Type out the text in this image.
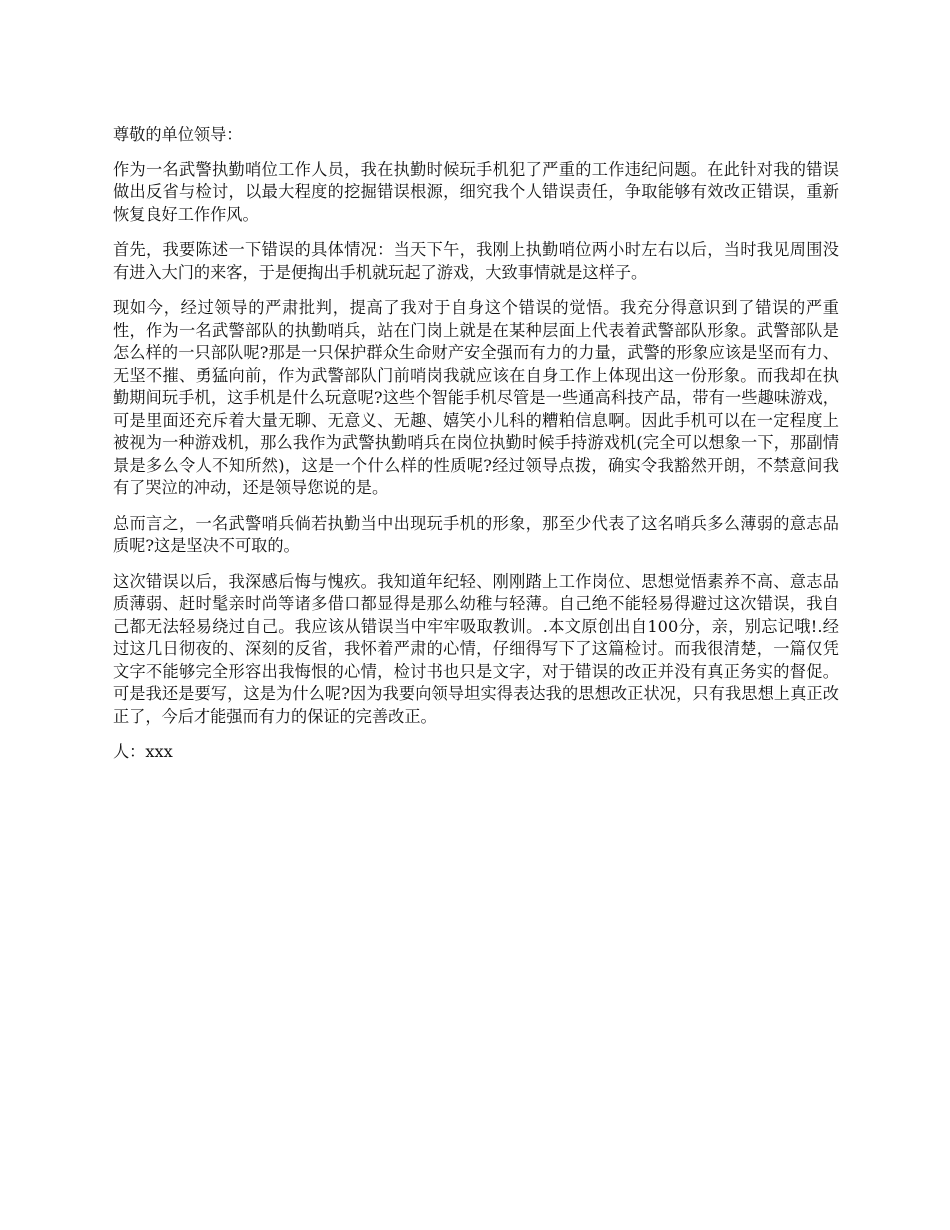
尊敬的单位领导：

作为一名武警执勤哨位工作人员，我在执勤时候玩手机犯了严重的工作违纪问题。在此针对我的错误做出反省与检讨，以最大程度的挖掘错误根源，细究我个人错误责任，争取能够有效改正错误，重新恢复良好工作作风。

首先，我要陈述一下错误的具体情况：当天下午，我刚上执勤哨位两小时左右以后，当时我见周围没有进入大门的来客，于是便掏出手机就玩起了游戏，大致事情就是这样子。

现如今，经过领导的严肃批判，提高了我对于自身这个错误的觉悟。我充分得意识到了错误的严重性，作为一名武警部队的执勤哨兵，站在门岗上就是在某种层面上代表着武警部队形象。武警部队是怎么样的一只部队呢?那是一只保护群众生命财产安全强而有力的力量，武警的形象应该是坚而有力、无坚不摧、勇猛向前，作为武警部队门前哨岗我就应该在自身工作上体现出这一份形象。而我却在执勤期间玩手机，这手机是什么玩意呢?这些个智能手机尽管是一些通高科技产品，带有一些趣味游戏，可是里面还充斥着大量无聊、无意义、无趣、嬉笑小儿科的糟粕信息啊。因此手机可以在一定程度上被视为一种游戏机，那么我作为武警执勤哨兵在岗位执勤时候手持游戏机(完全可以想象一下，那副情景是多么令人不知所然)，这是一个什么样的性质呢?经过领导点拨，确实令我豁然开朗，不禁意间我有了哭泣的冲动，还是领导您说的是。

总而言之，一名武警哨兵倘若执勤当中出现玩手机的形象，那至少代表了这名哨兵多么薄弱的意志品质呢?这是坚决不可取的。

这次错误以后，我深感后悔与愧疚。我知道年纪轻、刚刚踏上工作岗位、思想觉悟素养不高、意志品质薄弱、赶时髦亲时尚等诸多借口都显得是那么幼稚与轻薄。自己绝不能轻易得避过这次错误，我自己都无法轻易绕过自己。我应该从错误当中牢牢吸取教训。.本文原创出自100分，亲，别忘记哦!.经过这几日彻夜的、深刻的反省，我怀着严肃的心情，仔细得写下了这篇检讨。而我很清楚，一篇仅凭文字不能够完全形容出我悔恨的心情，检讨书也只是文字，对于错误的改正并没有真正务实的督促。可是我还是要写，这是为什么呢?因为我要向领导坦实得表达我的思想改正状况，只有我思想上真正改正了，今后才能强而有力的保证的完善改正。

人：xxx
